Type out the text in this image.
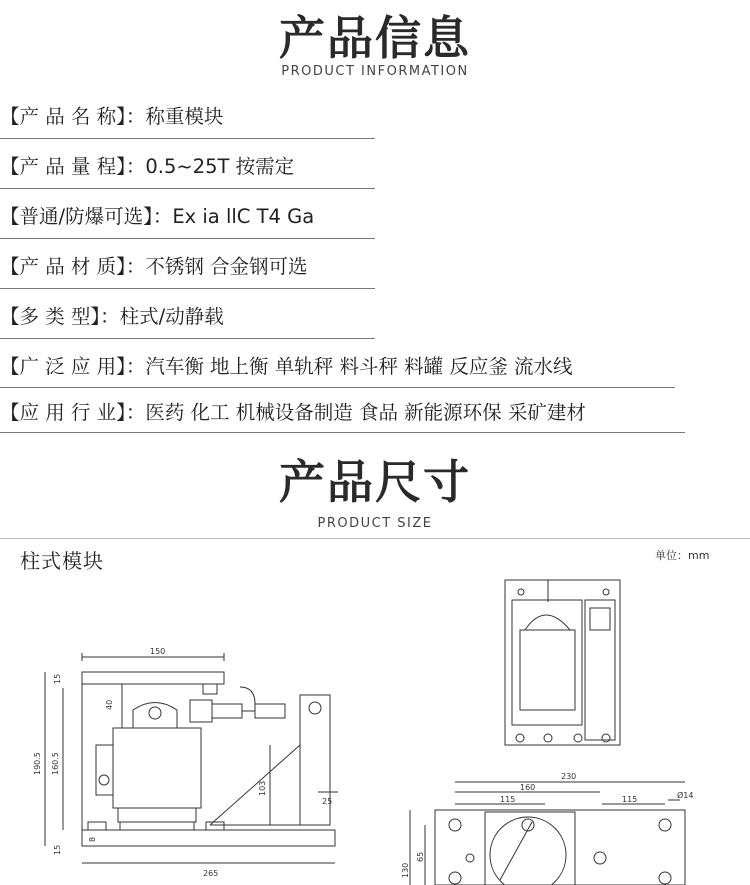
产品信息
PRODUCT INFORMATION
【产 品 名 称】：称重模块
【产 品 量 程】：0.5~25T 按需定
【普通/防爆可选】：Ex ia llC T4 Ga
【产 品 材 质】：不锈钢 合金钢可选
【多 类 型】：柱式/动静载
【广 泛 应 用】：汽车衡 地上衡 单轨秤 料斗秤 料罐 反应釜 流水线
【应 用 行 业】：医药 化工 机械设备制造 食品 新能源环保 采矿建材
产品尺寸
PRODUCT SIZE
柱式模块	单位：mm
150
40
190.5 160.5
15
103
25
8
15
265
230
160
115	115	Ø14
65
130
